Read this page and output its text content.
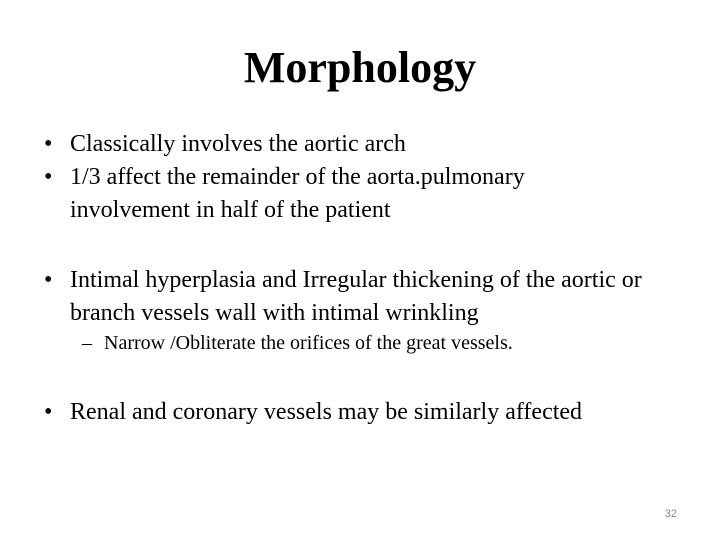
Morphology
• Classically involves the aortic arch
• 1/3 affect the remainder of the aorta.pulmonary involvement in half of the patient
• Intimal hyperplasia and Irregular thickening of the aortic or branch vessels wall with intimal wrinkling
– Narrow /Obliterate the orifices of the great vessels.
• Renal and coronary vessels may be similarly affected
32
